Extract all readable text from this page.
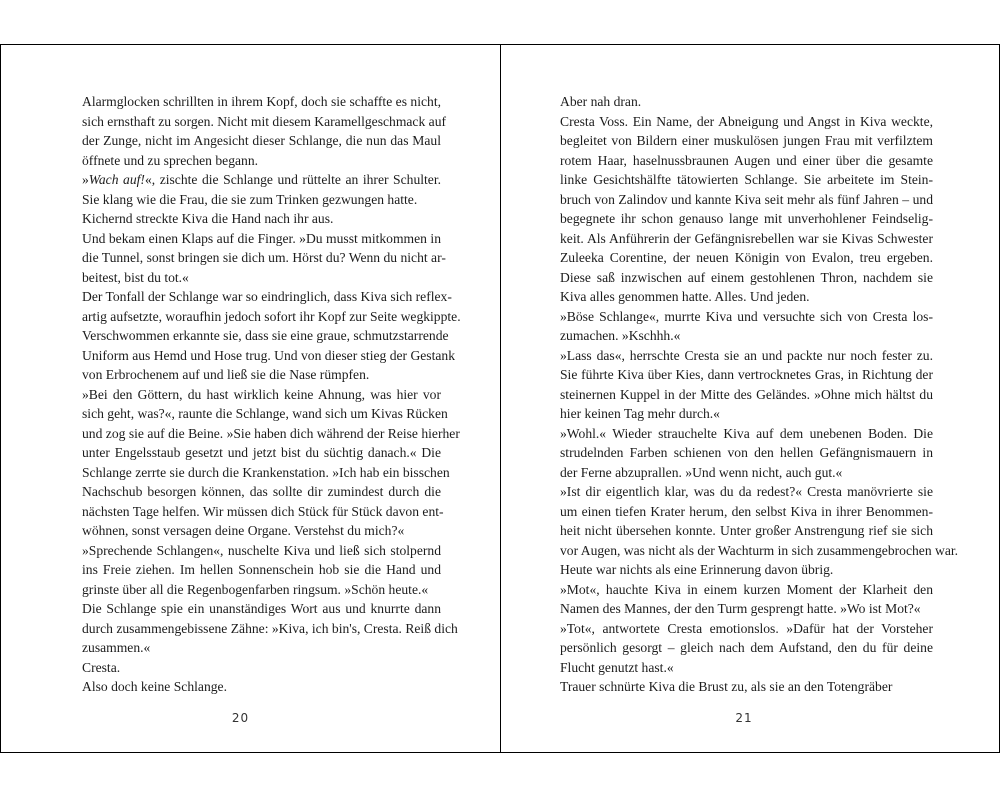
Alarmglocken schrillten in ihrem Kopf, doch sie schaffte es nicht,
sich ernsthaft zu sorgen. Nicht mit diesem Karamellgeschmack auf
der Zunge, nicht im Angesicht dieser Schlange, die nun das Maul
öffnete und zu sprechen begann.
»Wach auf!«, zischte die Schlange und rüttelte an ihrer Schulter.
Sie klang wie die Frau, die sie zum Trinken gezwungen hatte.
Kichernd streckte Kiva die Hand nach ihr aus.
Und bekam einen Klaps auf die Finger. »Du musst mitkommen in
die Tunnel, sonst bringen sie dich um. Hörst du? Wenn du nicht ar-
beitest, bist du tot.«
Der Tonfall der Schlange war so eindringlich, dass Kiva sich reflex-
artig aufsetzte, woraufhin jedoch sofort ihr Kopf zur Seite wegkippte.
Verschwommen erkannte sie, dass sie eine graue, schmutzstarrende
Uniform aus Hemd und Hose trug. Und von dieser stieg der Gestank
von Erbrochenem auf und ließ sie die Nase rümpfen.
»Bei den Göttern, du hast wirklich keine Ahnung, was hier vor
sich geht, was?«, raunte die Schlange, wand sich um Kivas Rücken
und zog sie auf die Beine. »Sie haben dich während der Reise hierher
unter Engelsstaub gesetzt und jetzt bist du süchtig danach.« Die
Schlange zerrte sie durch die Krankenstation. »Ich hab ein bisschen
Nachschub besorgen können, das sollte dir zumindest durch die
nächsten Tage helfen. Wir müssen dich Stück für Stück davon ent-
wöhnen, sonst versagen deine Organe. Verstehst du mich?«
»Sprechende Schlangen«, nuschelte Kiva und ließ sich stolpernd
ins Freie ziehen. Im hellen Sonnenschein hob sie die Hand und
grinste über all die Regenbogenfarben ringsum. »Schön heute.«
Die Schlange spie ein unanständiges Wort aus und knurrte dann
durch zusammengebissene Zähne: »Kiva, ich bin's, Cresta. Reiß dich
zusammen.«
Cresta.
Also doch keine Schlange.
20
Aber nah dran.
Cresta Voss. Ein Name, der Abneigung und Angst in Kiva weckte,
begleitet von Bildern einer muskulösen jungen Frau mit verfilztem
rotem Haar, haselnussbraunen Augen und einer über die gesamte
linke Gesichtshälfte tätowierten Schlange. Sie arbeitete im Stein-
bruch von Zalindov und kannte Kiva seit mehr als fünf Jahren – und
begegnete ihr schon genauso lange mit unverhohlener Feindselig-
keit. Als Anführerin der Gefängnisrebellen war sie Kivas Schwester
Zuleeka Corentine, der neuen Königin von Evalon, treu ergeben.
Diese saß inzwischen auf einem gestohlenen Thron, nachdem sie
Kiva alles genommen hatte. Alles. Und jeden.
»Böse Schlange«, murrte Kiva und versuchte sich von Cresta los-
zumachen. »Kschhh.«
»Lass das«, herrschte Cresta sie an und packte nur noch fester zu.
Sie führte Kiva über Kies, dann vertrocknetes Gras, in Richtung der
steinernen Kuppel in der Mitte des Geländes. »Ohne mich hältst du
hier keinen Tag mehr durch.«
»Wohl.« Wieder strauchelte Kiva auf dem unebenen Boden. Die
strudelnden Farben schienen von den hellen Gefängnismauern in
der Ferne abzuprallen. »Und wenn nicht, auch gut.«
»Ist dir eigentlich klar, was du da redest?« Cresta manövrierte sie
um einen tiefen Krater herum, den selbst Kiva in ihrer Benommen-
heit nicht übersehen konnte. Unter großer Anstrengung rief sie sich
vor Augen, was nicht als der Wachturm in sich zusammengebrochen war.
Heute war nichts als eine Erinnerung davon übrig.
»Mot«, hauchte Kiva in einem kurzen Moment der Klarheit den
Namen des Mannes, der den Turm gesprengt hatte. »Wo ist Mot?«
»Tot«, antwortete Cresta emotionslos. »Dafür hat der Vorsteher
persönlich gesorgt – gleich nach dem Aufstand, den du für deine
Flucht genutzt hast.«
Trauer schnürte Kiva die Brust zu, als sie an den Totengräber
21
